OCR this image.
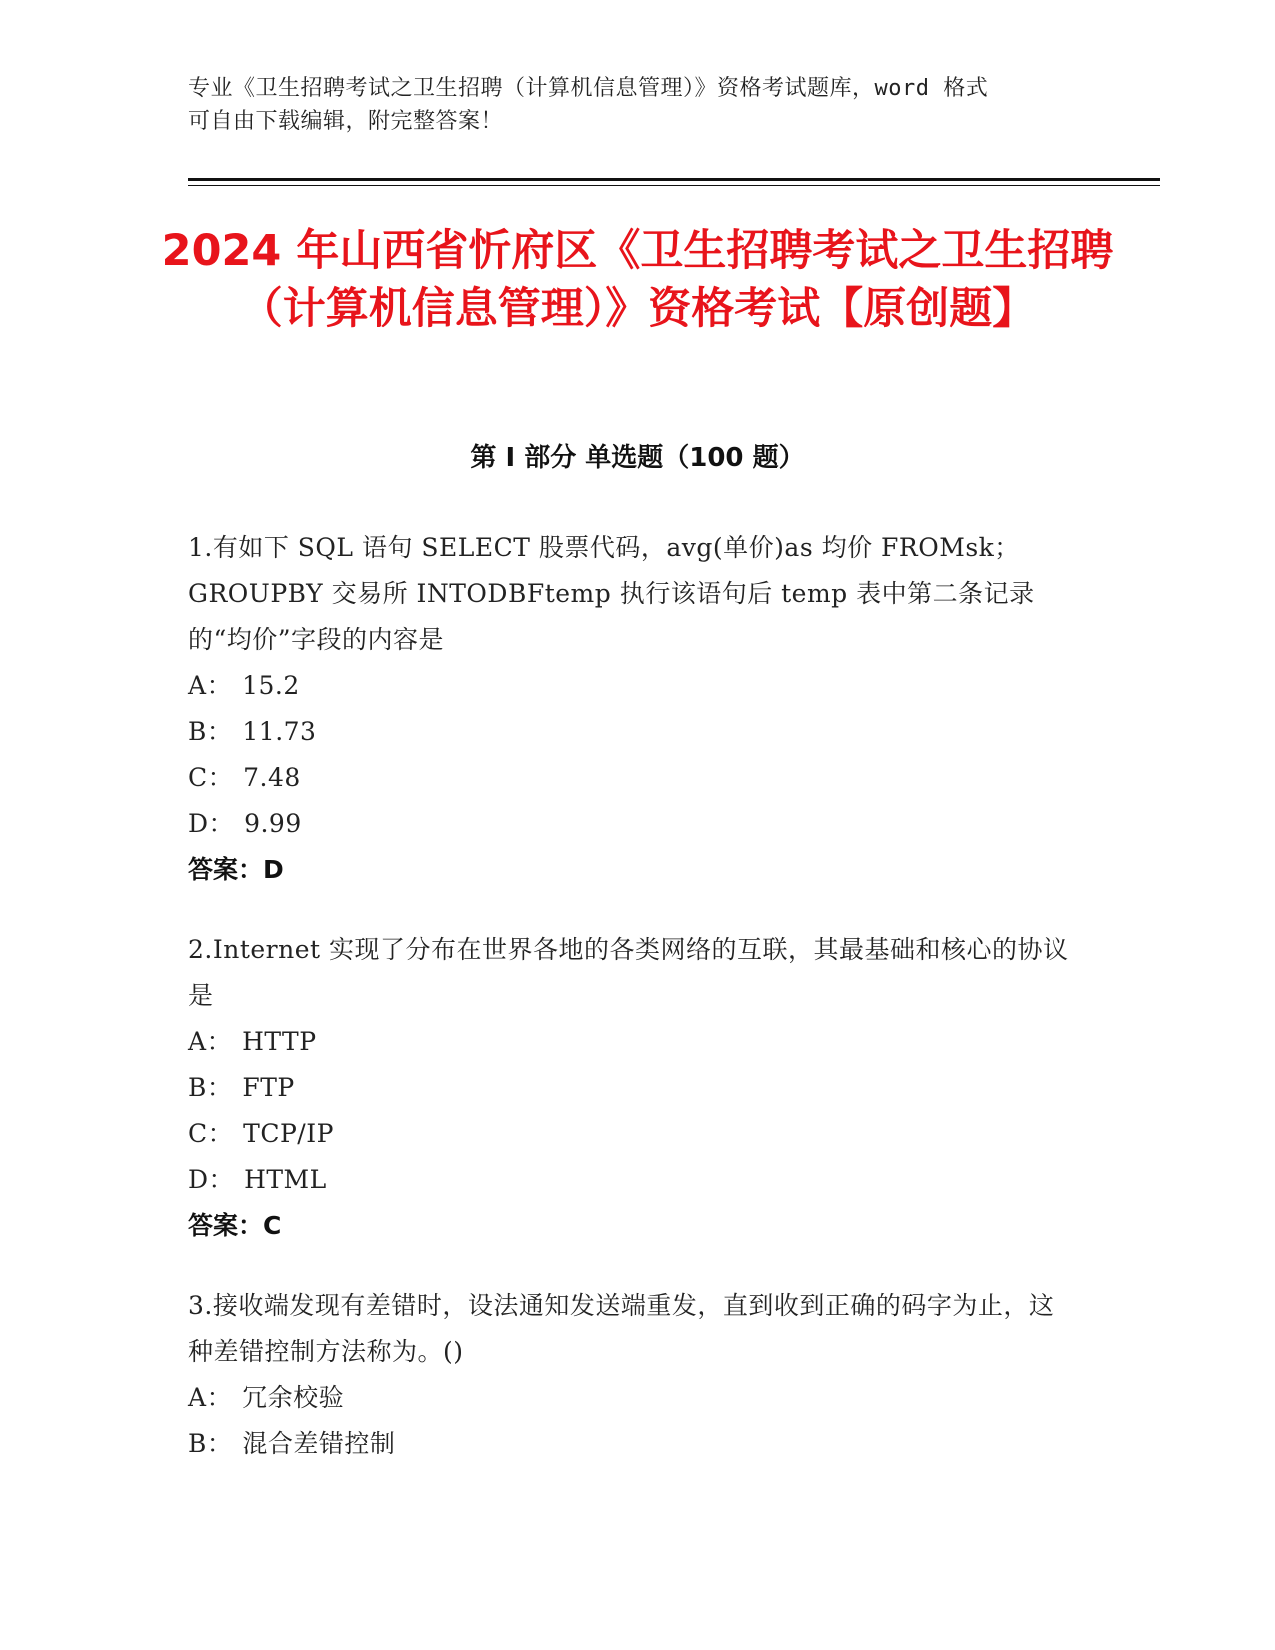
专业《卫生招聘考试之卫生招聘（计算机信息管理）》资格考试题库，word 格式
可自由下载编辑，附完整答案！
2024 年山西省忻府区《卫生招聘考试之卫生招聘（计算机信息管理）》资格考试【原创题】
第 I 部分 单选题（100 题）
1.有如下 SQL 语句 SELECT 股票代码，avg(单价)as 均价 FROMsk；GROUPBY 交易所 INTODBFtemp 执行该语句后 temp 表中第二条记录的“均价”字段的内容是
A： 15.2
B： 11.73
C： 7.48
D： 9.99
答案：D
2.Internet 实现了分布在世界各地的各类网络的互联，其最基础和核心的协议是
A： HTTP
B： FTP
C： TCP/IP
D： HTML
答案：C
3.接收端发现有差错时，设法通知发送端重发，直到收到正确的码字为止，这种差错控制方法称为。()
A： 冗余校验
B： 混合差错控制
